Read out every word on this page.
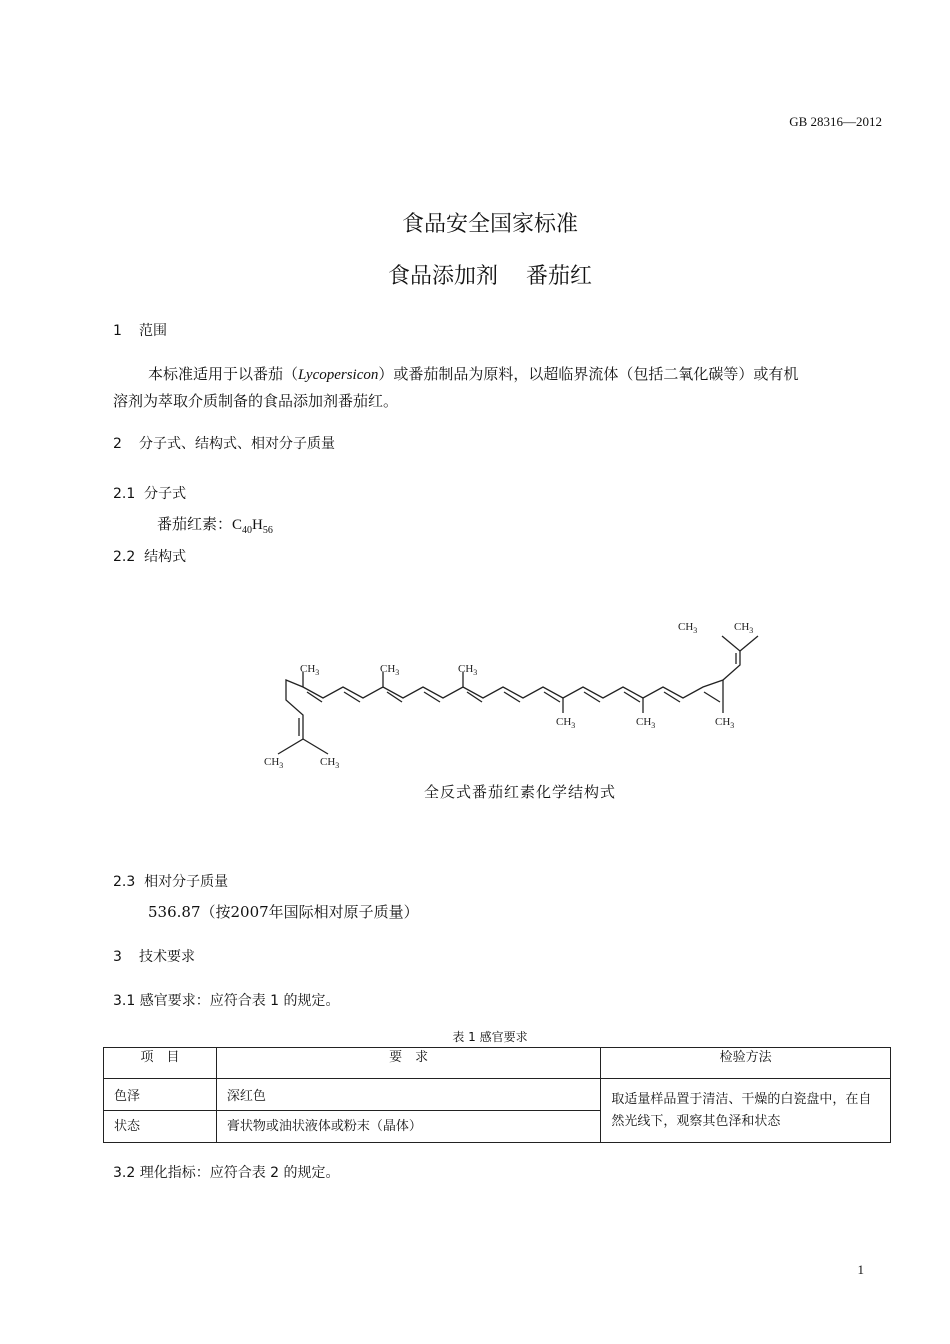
GB 28316—2012
食品安全国家标准
食品添加剂 番茄红
1 范围
本标准适用于以番茄（Lycopersicon）或番茄制品为原料，以超临界流体（包括二氧化碳等）或有机
溶剂为萃取介质制备的食品添加剂番茄红。
2 分子式、结构式、相对分子质量
2.1 分子式
番茄红素：$C_{40}H_{56}$
2.2 结构式
$CH_3$	$CH_3$
$CH_3$	$CH_3$	$CH_3$
$CH_3$	$CH_3$	$CH_3$
$CH_3$	$CH_3$
全反式番茄红素化学结构式
2.3 相对分子质量
536.87（按2007年国际相对原子质量）
3 技术要求
3.1 感官要求：应符合表 1 的规定。
表 1 感官要求
项　目	要　求	检验方法
色泽	深红色	取适量样品置于清洁、干燥的白瓷盘中，在自然光线下，观察其色泽和状态
状态	膏状物或油状液体或粉末（晶体）	
3.2 理化指标：应符合表 2 的规定。
1
